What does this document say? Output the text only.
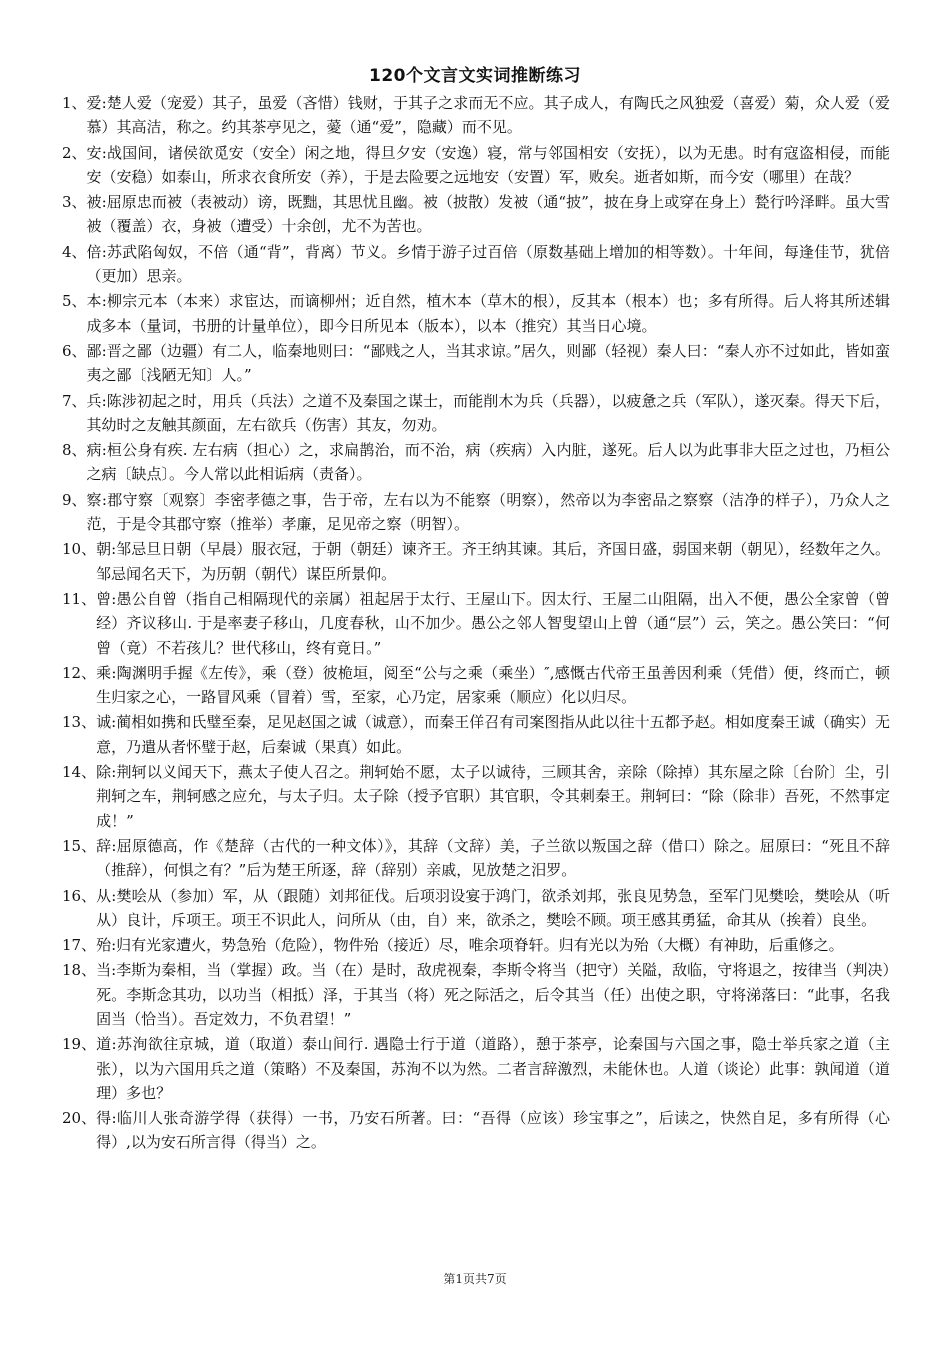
120个文言文实词推断练习
1、 爱:楚人爱（宠爱）其子，虽爱（吝惜）钱财，于其子之求而无不应。其子成人，有陶氏之风独爱（喜爱）菊，众人爱（爱慕）其高洁，称之。约其茶亭见之，薆（通“爱”，隐藏）而不见。
2、 安:战国间，诸侯欲觅安（安全）闲之地，得旦夕安（安逸）寝，常与邻国相安（安抚），以为无患。时有寇盗相侵，而能安（安稳）如泰山，所求衣食所安（养），于是去险要之远地安（安置）军，败矣。逝者如斯，而今安（哪里）在哉？
3、 被:屈原忠而被（表被动）谤，既黜，其思忧且幽。被（披散）发被（通“披”，披在身上或穿在身上）甃行吟泽畔。虽大雪被（覆盖）衣，身被（遭受）十余创，尤不为苦也。
4、 倍:苏武陷匈奴，不倍（通“背”，背离）节义。乡情于游子过百倍（原数基础上增加的相等数）。十年间，每逢佳节，犹倍（更加）思亲。
5、 本:柳宗元本（本来）求宦达，而谪柳州；近自然，植木本（草木的根），反其本（根本）也；多有所得。后人将其所述辑成多本（量词，书册的计量单位），即今日所见本（版本），以本（推究）其当日心境。
6、 鄙:晋之鄙（边疆）有二人，临秦地则曰：“鄙贱之人，当其求谅。”居久，则鄙（轻视）秦人曰：“秦人亦不过如此，皆如蛮夷之鄙〔浅陋无知〕人。”
7、 兵:陈涉初起之时，用兵（兵法）之道不及秦国之谋士，而能削木为兵（兵器），以疲惫之兵（军队），遂灭秦。得天下后，其幼时之友触其颜面，左右欲兵（伤害）其友，勿劝。
8、 病:桓公身有疾. 左右病（担心）之，求扁鹊治，而不治，病（疾病）入内脏，遂死。后人以为此事非大臣之过也，乃桓公之病〔缺点〕。今人常以此相诟病（责备）。
9、 察:郡守察〔观察〕李密孝德之事，告于帝，左右以为不能察（明察），然帝以为李密品之察察（洁净的样子），乃众人之范，于是令其郡守察（推举）孝廉，足见帝之察（明智）。
10、 朝:邹忌旦日朝（早晨）服衣冠，于朝（朝廷）谏齐王。齐王纳其谏。其后，齐国日盛，弱国来朝（朝见），经数年之久。邹忌闻名天下，为历朝（朝代）谋臣所景仰。
11、 曾:愚公自曾（指自己相隔现代的亲属）祖起居于太行、王屋山下。因太行、王屋二山阻隔，出入不便，愚公全家曾（曾经）齐议移山. 于是率妻子移山，几度春秋，山不加少。愚公之邻人智叟望山上曾（通“层”）云，笑之。愚公笑曰：“何曾（竟）不若孩儿？世代移山，终有竟日。”
12、 乘:陶渊明手握《左传》，乘（登）彼桅垣，阅至“公与之乘（乘坐）″,感慨古代帝王虽善因利乘（凭借）便，终而亡，顿生归家之心，一路冒风乘（冒着）雪，至家，心乃定，居家乘（顺应）化以归尽。
13、 诚:蔺相如携和氏璧至秦，足见赵国之诚（诚意），而秦王佯召有司案图指从此以往十五都予赵。相如度秦王诚（确实）无意，乃遣从者怀璧于赵，后秦诚（果真）如此。
14、 除:荆轲以义闻天下，燕太子使人召之。荆轲始不愿，太子以诚待，三顾其舍，亲除（除掉）其东屋之除〔台阶〕尘，引荆轲之车，荆轲感之应允，与太子归。太子除（授予官职）其官职，令其刺秦王。荆轲曰：“除（除非）吾死，不然事定成！”
15、 辞:屈原德高，作《楚辞（古代的一种文体）》，其辞（文辞）美，子兰欲以叛国之辞（借口）除之。屈原曰：“死且不辞（推辞），何惧之有？”后为楚王所逐，辞（辞别）亲戚，见放楚之汨罗。
16、 从:樊哙从（参加）军，从（跟随）刘邦征伐。后项羽设宴于鸿门，欲杀刘邦，张良见势急，至军门见樊哙，樊哙从（听从）良计，斥项王。项王不识此人，问所从（由，自）来，欲杀之，樊哙不顾。项王感其勇猛，命其从（挨着）良坐。
17、 殆:归有光家遭火，势急殆（危险），物件殆（接近）尽，唯余项脊轩。归有光以为殆（大概）有神助，后重修之。
18、 当:李斯为秦相，当（掌握）政。当（在）是时，敌虎视秦，李斯令将当（把守）关隘，敌临，守将退之，按律当（判决）死。李斯念其功，以功当（相抵）泽，于其当（将）死之际活之，后令其当（任）出使之职，守将涕落曰：“此事，名我固当（恰当）。吾定效力，不负君望！”
19、 道:苏洵欲往京城，道（取道）泰山间行. 遇隐士行于道（道路），憩于茶亭，论秦国与六国之事，隐士举兵家之道（主张），以为六国用兵之道（策略）不及秦国，苏洵不以为然。二者言辞激烈，未能休也。人道（谈论）此事：孰闻道（道理）多也？
20、 得:临川人张奇游学得（获得）一书，乃安石所著。曰：“吾得（应该）珍宝事之”，后读之，快然自足，多有所得（心得）,以为安石所言得（得当）之。
第1页共7页
